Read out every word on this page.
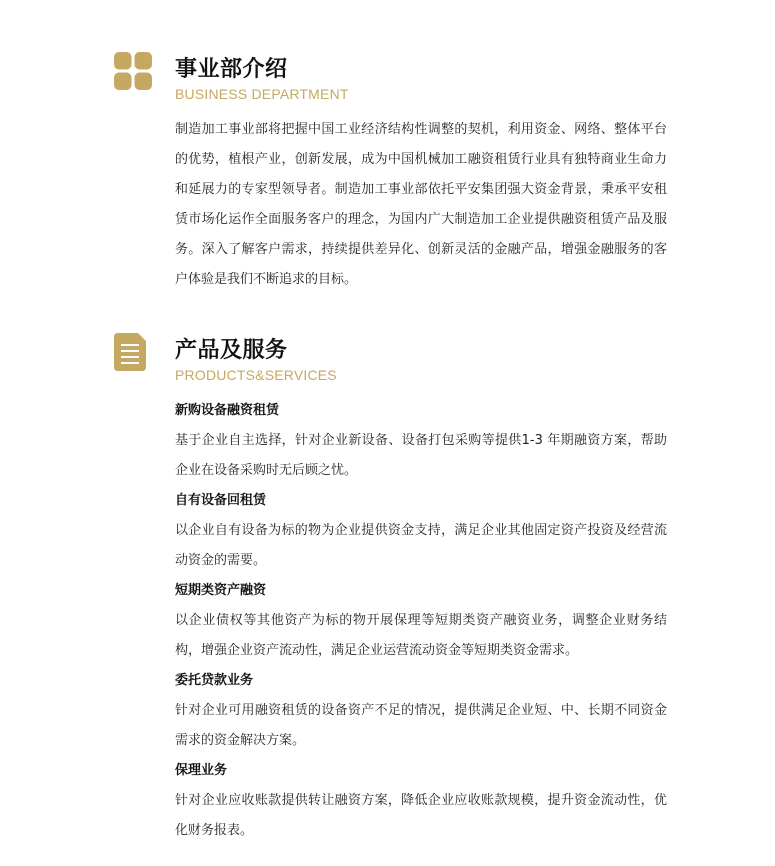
事业部介绍
BUSINESS DEPARTMENT

制造加工事业部将把握中国工业经济结构性调整的契机，利用资金、网络、整体平台的优势，植根产业，创新发展，成为中国机械加工融资租赁行业具有独特商业生命力和延展力的专家型领导者。制造加工事业部依托平安集团强大资金背景，秉承平安租赁市场化运作全面服务客户的理念，为国内广大制造加工企业提供融资租赁产品及服务。深入了解客户需求，持续提供差异化、创新灵活的金融产品，增强金融服务的客户体验是我们不断追求的目标。

产品及服务
PRODUCTS&SERVICES
新购设备融资租赁
基于企业自主选择，针对企业新设备、设备打包采购等提供1-3 年期融资方案，帮助企业在设备采购时无后顾之忧。
自有设备回租赁
以企业自有设备为标的物为企业提供资金支持，满足企业其他固定资产投资及经营流动资金的需要。
短期类资产融资
以企业债权等其他资产为标的物开展保理等短期类资产融资业务，调整企业财务结构，增强企业资产流动性，满足企业运营流动资金等短期类资金需求。
委托贷款业务
针对企业可用融资租赁的设备资产不足的情况，提供满足企业短、中、长期不同资金需求的资金解决方案。
保理业务
针对企业应收账款提供转让融资方案，降低企业应收账款规模，提升资金流动性，优化财务报表。
